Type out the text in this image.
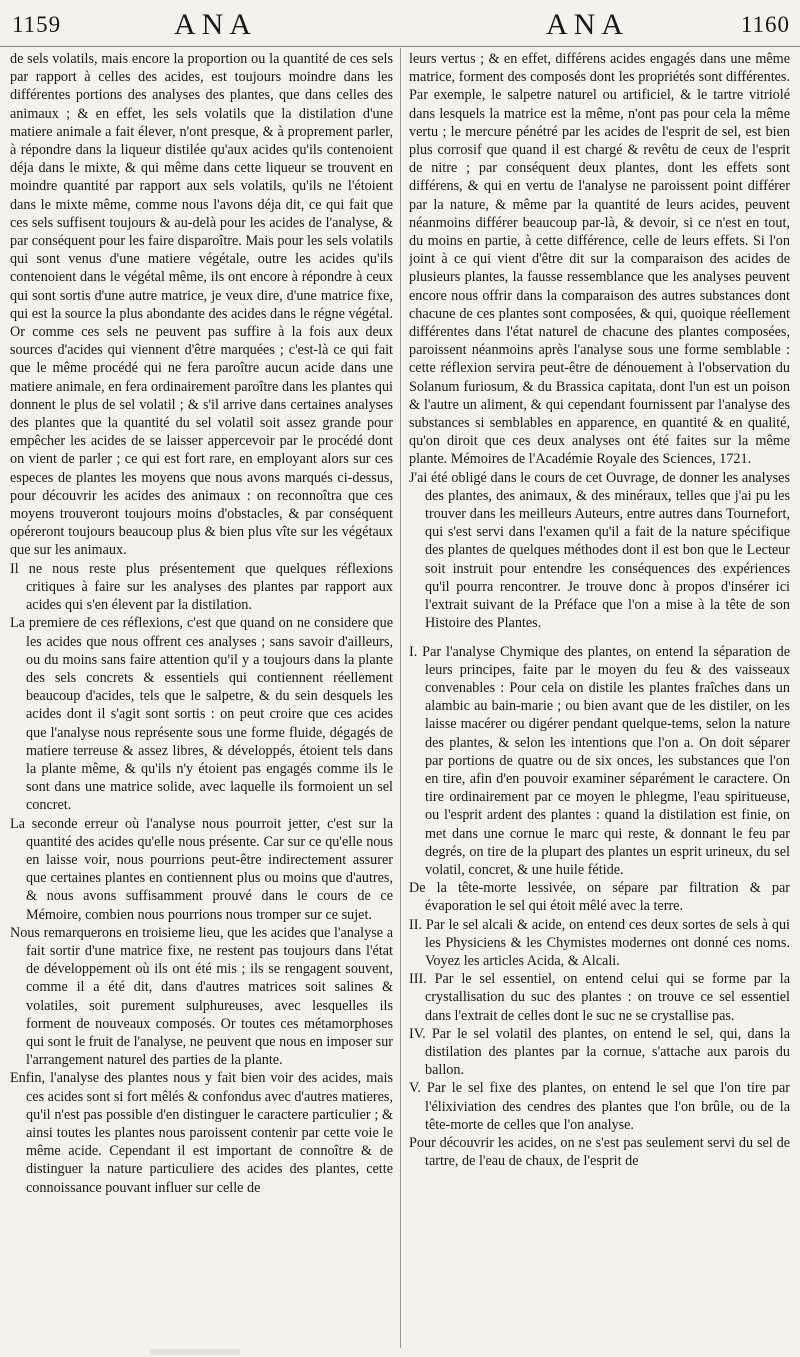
1159	ANA	ANA	1160

de sels volatils, mais encore la proportion ou la quantité de ces sels par rapport à celles des acides, est toujours moindre dans les différentes portions des analyses des plantes, que dans celles des animaux ; & en effet, les sels volatils que la distilation d'une matiere animale a fait élever, n'ont presque, & à proprement parler, à répondre dans la liqueur distilée qu'aux acides qu'ils contenoient déja dans le mixte, & qui même dans cette liqueur se trouvent en moindre quantité par rapport aux sels volatils, qu'ils ne l'étoient dans le mixte même, comme nous l'avons déja dit, ce qui fait que ces sels suffisent toujours & au-delà pour les acides de l'analyse, & par conséquent pour les faire disparoître. Mais pour les sels volatils qui sont venus d'une matiere végétale, outre les acides qu'ils contenoient dans le végétal même, ils ont encore à répondre à ceux qui sont sortis d'une autre matrice, je veux dire, d'une matrice fixe, qui est la source la plus abondante des acides dans le régne végétal. Or comme ces sels ne peuvent pas suffire à la fois aux deux sources d'acides qui viennent d'être marquées ; c'est-là ce qui fait que le même procédé qui ne fera paroître aucun acide dans une matiere animale, en fera ordinairement paroître dans les plantes qui donnent le plus de sel volatil ; & s'il arrive dans certaines analyses des plantes que la quantité du sel volatil soit assez grande pour empêcher les acides de se laisser appercevoir par le procédé dont on vient de parler ; ce qui est fort rare, en employant alors sur ces especes de plantes les moyens que nous avons marqués ci-dessus, pour découvrir les acides des animaux : on reconnoîtra que ces moyens trouveront toujours moins d'obstacles, & par conséquent opéreront toujours beaucoup plus & bien plus vîte sur les végétaux que sur les animaux.

Il ne nous reste plus présentement que quelques réflexions critiques à faire sur les analyses des plantes par rapport aux acides qui s'en élevent par la distilation.

La premiere de ces réflexions, c'est que quand on ne considere que les acides que nous offrent ces analyses ; sans savoir d'ailleurs, ou du moins sans faire attention qu'il y a toujours dans la plante des sels concrets & essentiels qui contiennent réellement beaucoup d'acides, tels que le salpetre, & du sein desquels les acides dont il s'agit sont sortis : on peut croire que ces acides que l'analyse nous représente sous une forme fluide, dégagés de matiere terreuse & assez libres, & développés, étoient tels dans la plante même, & qu'ils n'y étoient pas engagés comme ils le sont dans une matrice solide, avec laquelle ils formoient un sel concret.

La seconde erreur où l'analyse nous pourroit jetter, c'est sur la quantité des acides qu'elle nous présente. Car sur ce qu'elle nous en laisse voir, nous pourrions peut-être indirectement assurer que certaines plantes en contiennent plus ou moins que d'autres, & nous avons suffisamment prouvé dans le cours de ce Mémoire, combien nous pourrions nous tromper sur ce sujet.

Nous remarquerons en troisieme lieu, que les acides que l'analyse a fait sortir d'une matrice fixe, ne restent pas toujours dans l'état de développement où ils ont été mis ; ils se rengagent souvent, comme il a été dit, dans d'autres matrices soit salines & volatiles, soit purement sulphureuses, avec lesquelles ils forment de nouveaux composés. Or toutes ces métamorphoses qui sont le fruit de l'analyse, ne peuvent que nous en imposer sur l'arrangement naturel des parties de la plante.

Enfin, l'analyse des plantes nous y fait bien voir des acides, mais ces acides sont si fort mêlés & confondus avec d'autres matieres, qu'il n'est pas possible d'en distinguer le caractere particulier ; & ainsi toutes les plantes nous paroissent contenir par cette voie le même acide. Cependant il est important de connoître & de distinguer la nature particuliere des acides des plantes, cette connoissance pouvant influer sur celle de

leurs vertus ; & en effet, différens acides engagés dans une même matrice, forment des composés dont les propriétés sont différentes. Par exemple, le salpetre naturel ou artificiel, & le tartre vitriolé dans lesquels la matrice est la même, n'ont pas pour cela la même vertu ; le mercure pénétré par les acides de l'esprit de sel, est bien plus corrosif que quand il est chargé & revêtu de ceux de l'esprit de nitre ; par conséquent deux plantes, dont les effets sont différens, & qui en vertu de l'analyse ne paroissent point différer par la nature, & même par la quantité de leurs acides, peuvent néanmoins différer beaucoup par-là, & devoir, si ce n'est en tout, du moins en partie, à cette différence, celle de leurs effets. Si l'on joint à ce qui vient d'être dit sur la comparaison des acides de plusieurs plantes, la fausse ressemblance que les analyses peuvent encore nous offrir dans la comparaison des autres substances dont chacune de ces plantes sont composées, & qui, quoique réellement différentes dans l'état naturel de chacune des plantes composées, paroissent néanmoins après l'analyse sous une forme semblable : cette réflexion servira peut-être de dénouement à l'observation du Solanum furiosum, & du Brassica capitata, dont l'un est un poison & l'autre un aliment, & qui cependant fournissent par l'analyse des substances si semblables en apparence, en quantité & en qualité, qu'on diroit que ces deux analyses ont été faites sur la même plante. Mémoires de l'Académie Royale des Sciences, 1721.

J'ai été obligé dans le cours de cet Ouvrage, de donner les analyses des plantes, des animaux, & des minéraux, telles que j'ai pu les trouver dans les meilleurs Auteurs, entre autres dans Tournefort, qui s'est servi dans l'examen qu'il a fait de la nature spécifique des plantes de quelques méthodes dont il est bon que le Lecteur soit instruit pour entendre les conséquences des expériences qu'il pourra rencontrer. Je trouve donc à propos d'insérer ici l'extrait suivant de la Préface que l'on a mise à la tête de son Histoire des Plantes.

I. Par l'analyse Chymique des plantes, on entend la séparation de leurs principes, faite par le moyen du feu & des vaisseaux convenables : Pour cela on distile les plantes fraîches dans un alambic au bain-marie ; ou bien avant que de les distiler, on les laisse macérer ou digérer pendant quelque-tems, selon la nature des plantes, & selon les intentions que l'on a. On doit séparer par portions de quatre ou de six onces, les substances que l'on en tire, afin d'en pouvoir examiner séparément le caractere. On tire ordinairement par ce moyen le phlegme, l'eau spiritueuse, ou l'esprit ardent des plantes : quand la distilation est finie, on met dans une cornue le marc qui reste, & donnant le feu par degrés, on tire de la plupart des plantes un esprit urineux, du sel volatil, concret, & une huile fétide.

De la tête-morte lessivée, on sépare par filtration & par évaporation le sel qui étoit mêlé avec la terre.

II. Par le sel alcali & acide, on entend ces deux sortes de sels à qui les Physiciens & les Chymistes modernes ont donné ces noms. Voyez les articles Acida, & Alcali.

III. Par le sel essentiel, on entend celui qui se forme par la crystallisation du suc des plantes : on trouve ce sel essentiel dans l'extrait de celles dont le suc ne se crystallise pas.

IV. Par le sel volatil des plantes, on entend le sel, qui, dans la distilation des plantes par la cornue, s'attache aux parois du ballon.

V. Par le sel fixe des plantes, on entend le sel que l'on tire par l'élixiviation des cendres des plantes que l'on brûle, ou de la tête-morte de celles que l'on analyse.

Pour découvrir les acides, on ne s'est pas seulement servi du sel de tartre, de l'eau de chaux, de l'esprit de
